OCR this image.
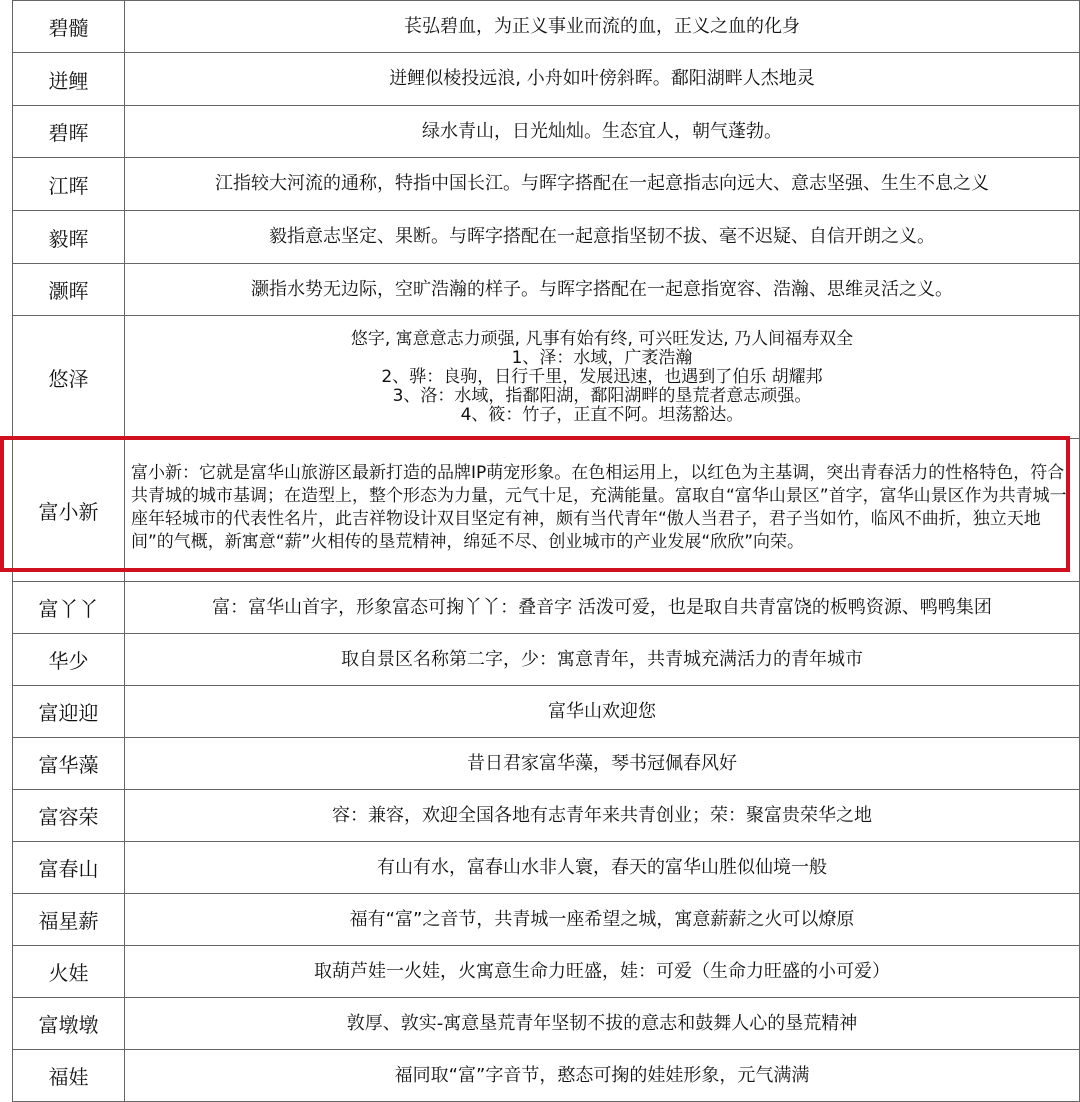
碧髓	苌弘碧血，为正义事业而流的血，正义之血的化身
迸鲤	迸鲤似棱投远浪, 小舟如叶傍斜晖。鄱阳湖畔人杰地灵
碧晖	绿水青山，日光灿灿。生态宜人，朝气蓬勃。
江晖	江指较大河流的通称，特指中国长江。与晖字搭配在一起意指志向远大、意志坚强、生生不息之义
毅晖	毅指意志坚定、果断。与晖字搭配在一起意指坚韧不拔、毫不迟疑、自信开朗之义。
灏晖	灏指水势无边际，空旷浩瀚的样子。与晖字搭配在一起意指宽容、浩瀚、思维灵活之义。
悠泽	悠字, 寓意意志力顽强, 凡事有始有终, 可兴旺发达, 乃人间福寿双全
1、泽：水域，广袤浩瀚
2、骅：良驹，日行千里，发展迅速，也遇到了伯乐 胡耀邦
3、洛：水域，指鄱阳湖，鄱阳湖畔的垦荒者意志顽强。
4、筱：竹子，正直不阿。坦荡豁达。

富小新	富小新：它就是富华山旅游区最新打造的品牌IP萌宠形象。在色相运用上，以红色为主基调，突出青春活力的性格特色，符合共青城的城市基调；在造型上，整个形态为力量，元气十足，充满能量。富取自“富华山景区”首字，富华山景区作为共青城一座年轻城市的代表性名片，此吉祥物设计双目坚定有神，颇有当代青年“傲人当君子，君子当如竹，临风不曲折，独立天地间”的气概，新寓意“薪”火相传的垦荒精神，绵延不尽、创业城市的产业发展“欣欣”向荣。
富丫丫	富：富华山首字，形象富态可掬丫丫：叠音字 活泼可爱，也是取自共青富饶的板鸭资源、鸭鸭集团
华少	取自景区名称第二字，少：寓意青年，共青城充满活力的青年城市
富迎迎	富华山欢迎您
富华藻	昔日君家富华藻，琴书冠佩春风好
富容荣	容：兼容，欢迎全国各地有志青年来共青创业；荣：聚富贵荣华之地
富春山	有山有水，富春山水非人寰，春天的富华山胜似仙境一般
福星薪	福有“富”之音节，共青城一座希望之城，寓意薪薪之火可以燎原
火娃	取葫芦娃一火娃，火寓意生命力旺盛，娃：可爱（生命力旺盛的小可爱）
富墩墩	敦厚、敦实-寓意垦荒青年坚韧不拔的意志和鼓舞人心的垦荒精神
福娃	福同取“富”字音节，憨态可掬的娃娃形象，元气满满
